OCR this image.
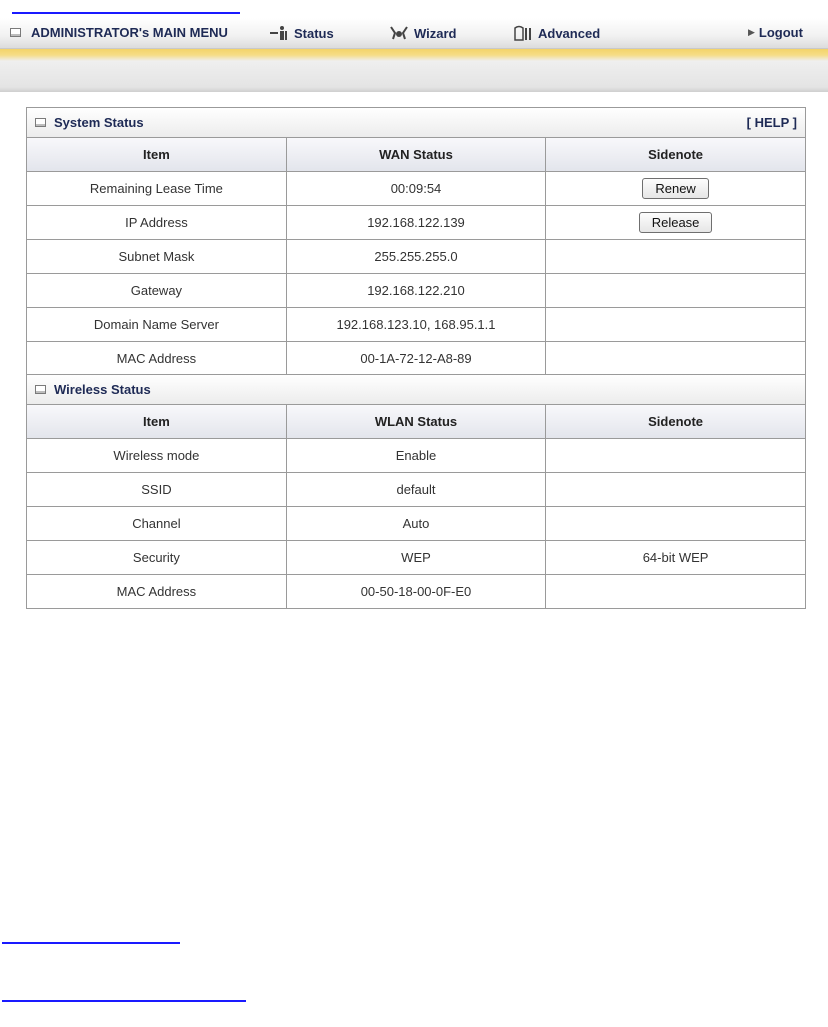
ADMINISTRATOR's MAIN MENU	Status	Wizard	Advanced	▶ Logout
System Status	[ HELP ]
Item	WAN Status	Sidenote
Remaining Lease Time	00:09:54	Renew
IP Address	192.168.122.139	Release
Subnet Mask	255.255.255.0	
Gateway	192.168.122.210	
Domain Name Server	192.168.123.10, 168.95.1.1	
MAC Address	00-1A-72-12-A8-89	
Wireless Status
Item	WLAN Status	Sidenote
Wireless mode	Enable	
SSID	default	
Channel	Auto	
Security	WEP	64-bit WEP
MAC Address	00-50-18-00-0F-E0	
